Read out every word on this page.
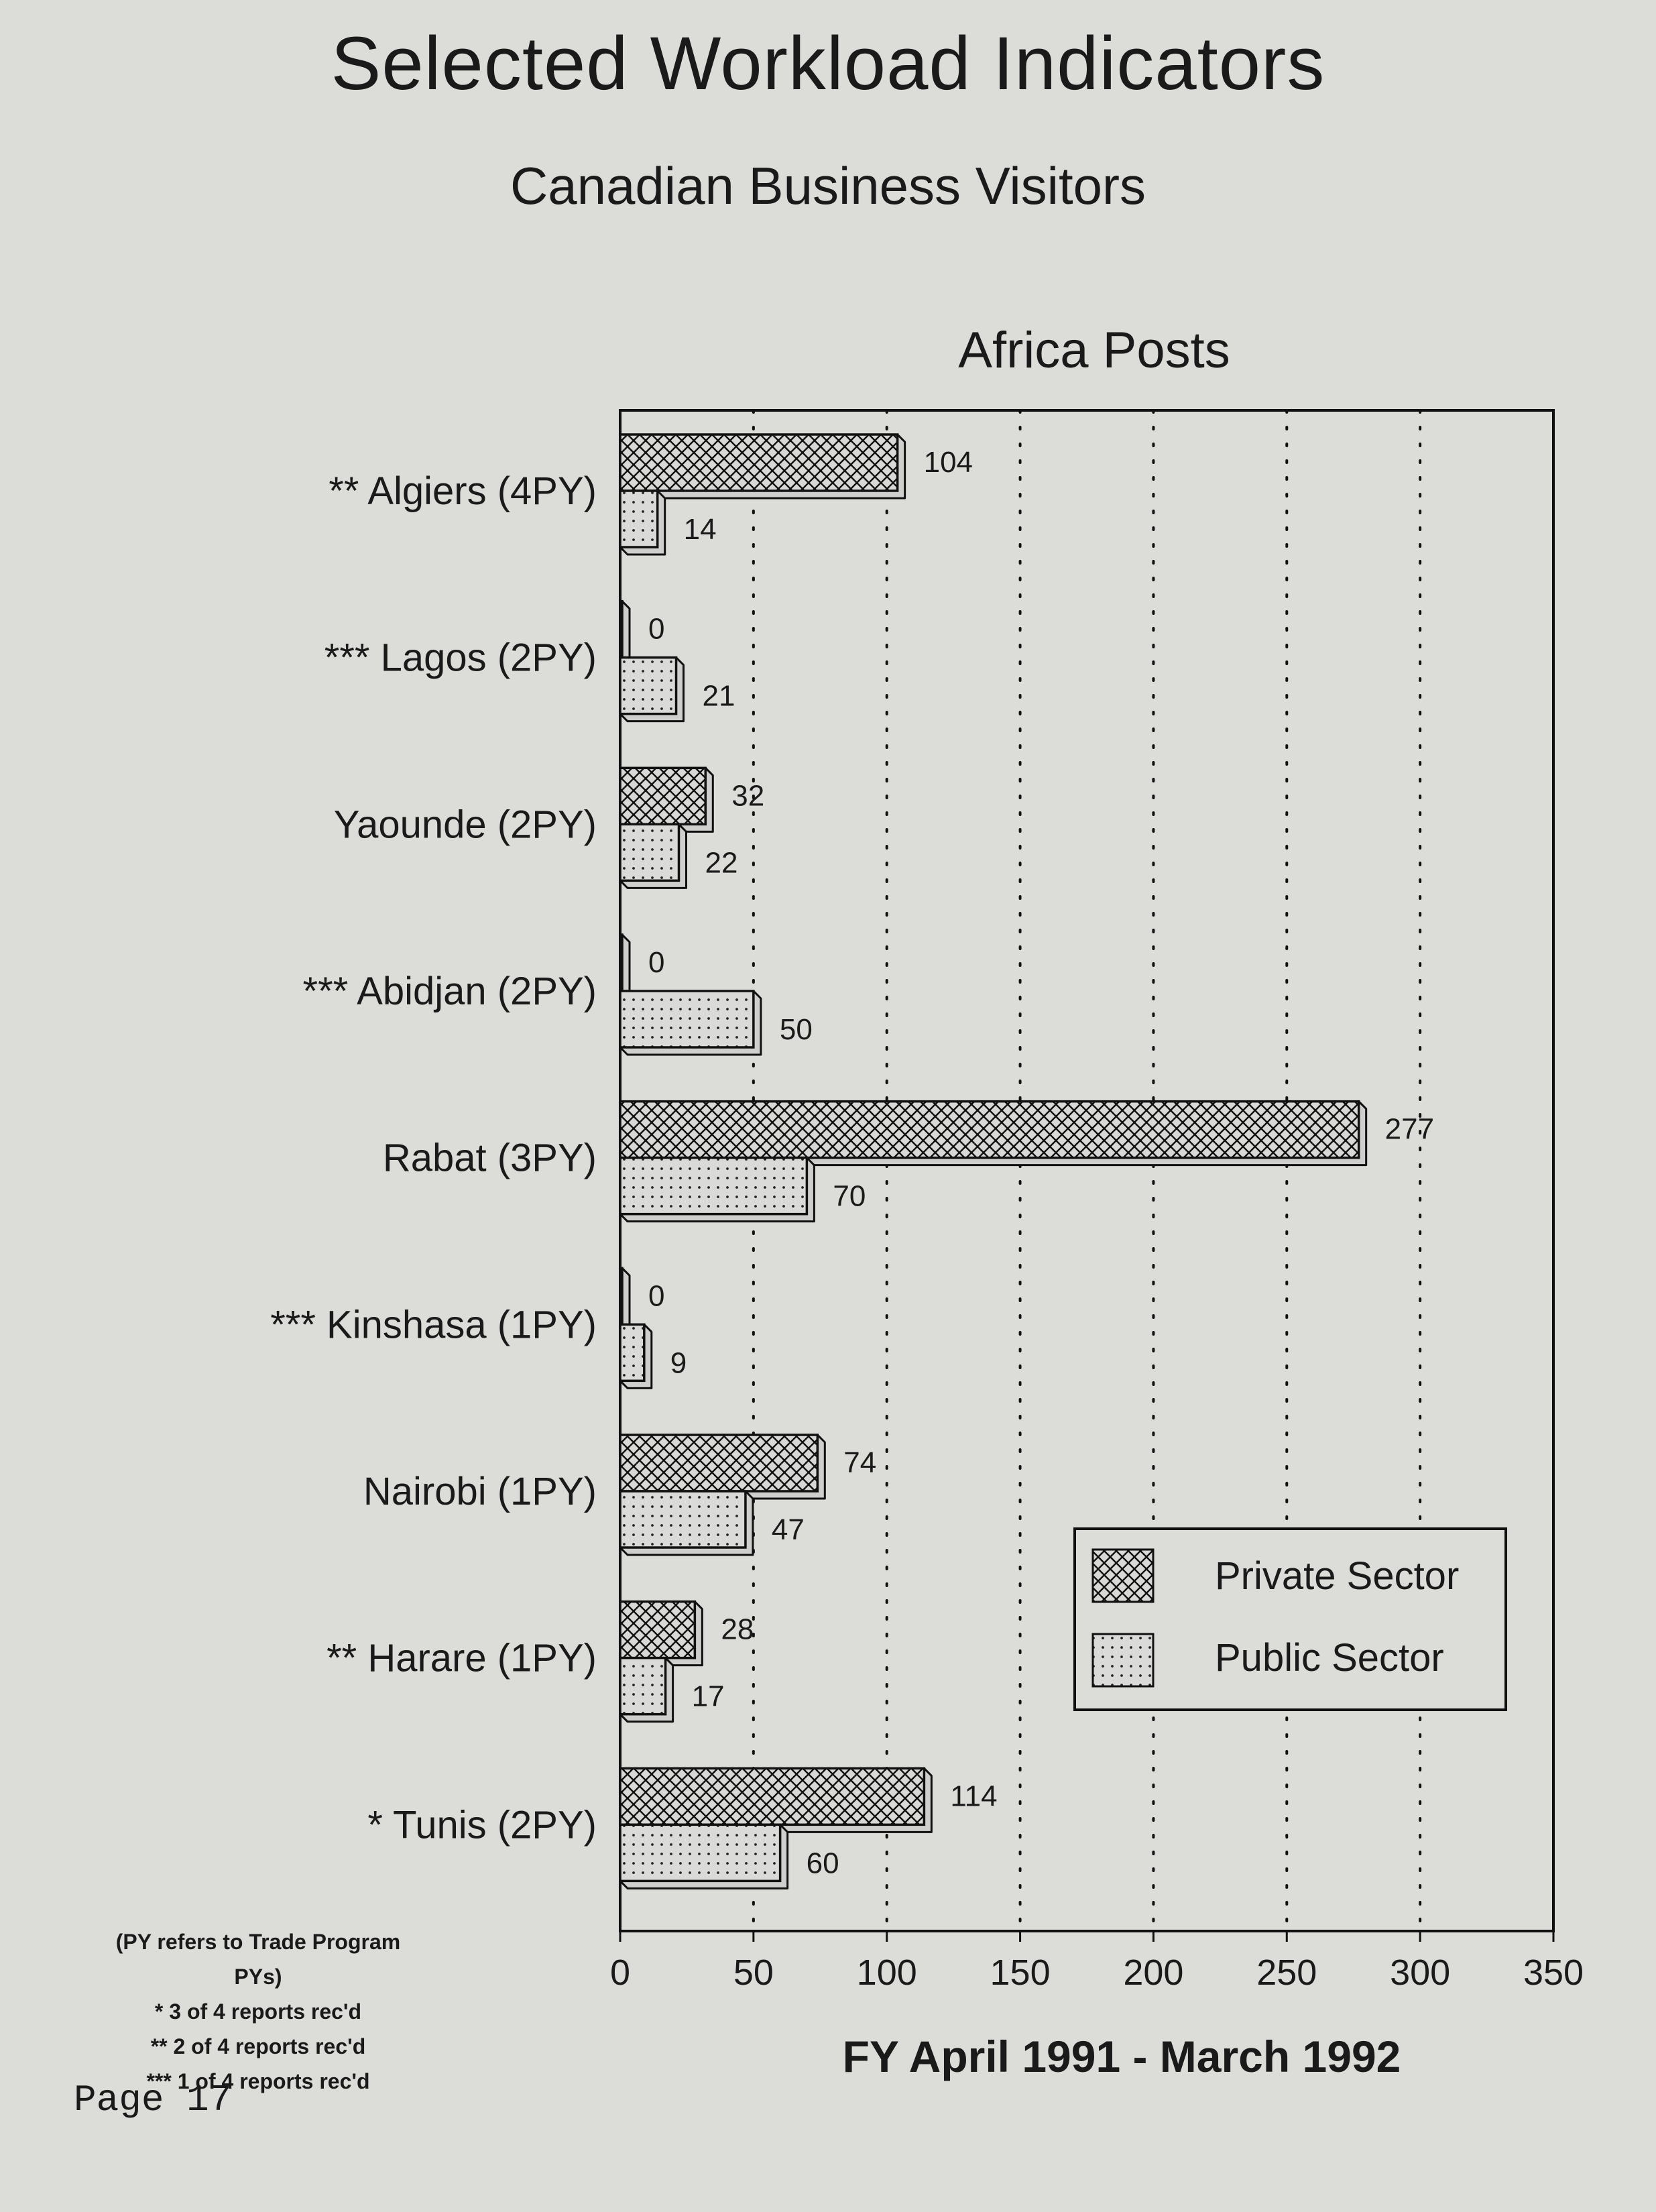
Selected Workload Indicators
Canadian Business Visitors
Africa Posts
104
14
0
21
32
22
0
50
277
70
0
9
74
47
28
17
114
60
** Algiers (4PY)
*** Lagos (2PY)
Yaounde (2PY)
*** Abidjan (2PY)
Rabat (3PY)
*** Kinshasa (1PY)
Nairobi (1PY)
** Harare (1PY)
* Tunis (2PY)
0	50 100 150 200 250 300 350
FY April 1991 - March 1992
Private Sector
Public Sector
(PY refers to Trade Program PYs)
* 3 of 4 reports rec'd
** 2 of 4 reports rec'd
*** 1 of 4 reports rec'd
Page 17
